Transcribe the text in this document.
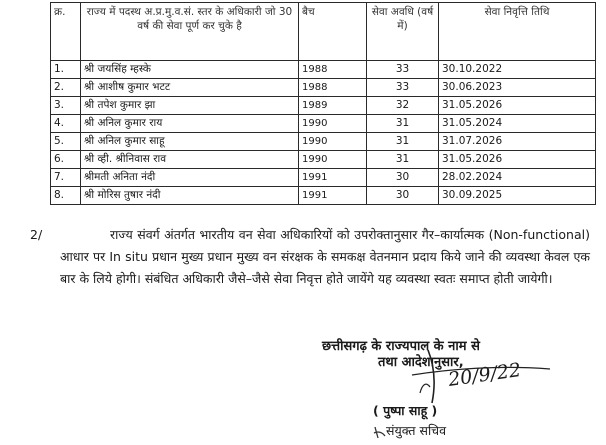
क्र.	राज्य में पदस्थ अ.प्र.मु.व.सं. स्तर के अधिकारी जो 30 वर्ष की सेवा पूर्ण कर चुके है	बैच	सेवा अवधि (वर्ष में)	सेवा निवृत्ति तिथि
1.	श्री जयसिंह म्हस्के	1988	33	30.10.2022
2.	श्री आशीष कुमार भटट	1988	33	30.06.2023
3.	श्री तपेश कुमार झा	1989	32	31.05.2026
4.	श्री अनिल कुमार राय	1990	31	31.05.2024
5.	श्री अनिल कुमार साहू	1990	31	31.07.2026
6.	श्री व्ही. श्रीनिवास राव	1990	31	31.05.2026
7.	श्रीमती अनिता नंदी	1991	30	28.02.2024
8.	श्री मोरिस तुषार नंदी	1991	30	30.09.2025
2/	राज्य संवर्ग अंतर्गत भारतीय वन सेवा अधिकारियों को उपरोक्तानुसार गैर–कार्यात्मक (Non-functional) आधार पर In situ प्रधान मुख्य प्रधान मुख्य वन संरक्षक के समकक्ष वेतनमान प्रदाय किये जाने की व्यवस्था केवल एक बार के लिये होगी। संबंधित अधिकारी जैसे–जैसे सेवा निवृत्त होते जायेंगे यह व्यवस्था स्वतः समाप्त होती जायेगी।

छत्तीसगढ़ के राज्यपाल के नाम से
तथा आदेशानुसार,
20/9/22
( पुष्पा साहू )
संयुक्त सचिव
